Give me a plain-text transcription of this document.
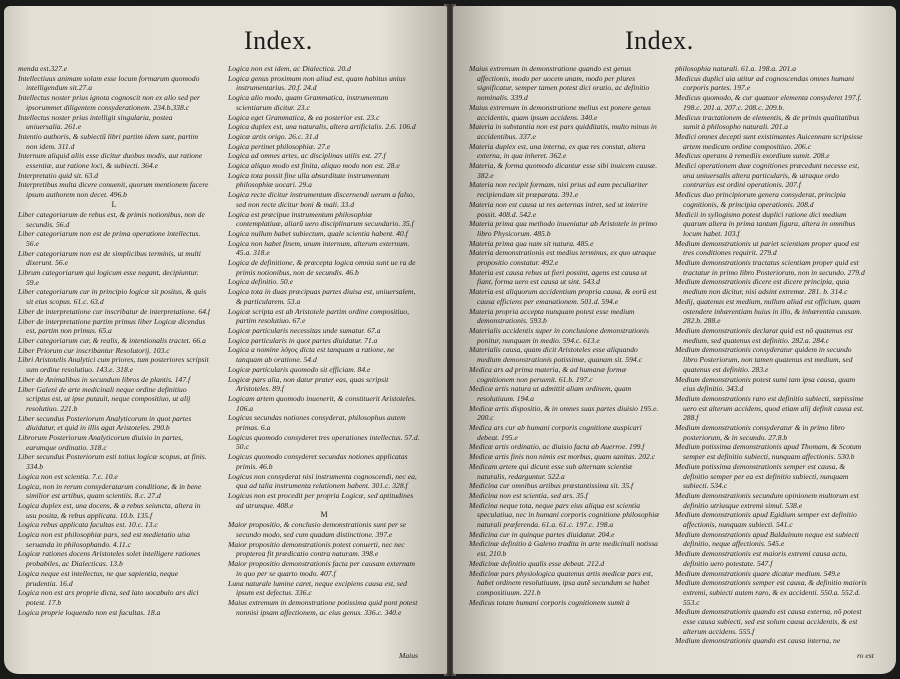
Index.

menda est.327.e

Intellectiuus animam solam esse locum formarum quomodo intelligendum sit.27.a

Intellectus noster prius ignota cognoscit non ex alio sed per ipsorummet diligentem consyderationem. 234.b.338.c

Intellectus noster prius intelligit singularia, postea uniuersalia. 261.e

Intentio authoris, & subiectū libri partim idem sunt, partim non idem. 311.d

Internum aliquid aliis esse dicitur duobus modis, aut ratione essentiæ, aut ratione loci, & subiecti. 364.e

Interpretatio quid sit. 63.d

Interpretibus multa dicere conuenit, quorum mentionem facere ipsum authorem non decet. 496.b

L

Liber categoriarum de rebus est, & primis notionibus, non de secundis. 56.d

Liber categoriarum non est de prima operatione intellectus. 56.e

Liber categoriarum non est de simplicibus terminis, ut multi dixerunt. 56.e

Librum categoriarum qui logicum esse negant, decipiuntur. 59.e

Liber categoriarum cur in principio logicæ sit positus, & quis sit eius scopus. 61.c. 63.d

Liber de interpretatione cur inscribatur de interpretatione. 64.f

Liber de interpretatione partim primus liber Logicæ dicendus est, partim non primus. 65.a

Liber categoriarum cur, & realis, & intentionalis tractet. 66.a

Liber Priorum cur inscribantur Resolutorij. 103.c

Libri Aristotelis Analytici cum priores, tum posteriores scripsit sum ordine resolutiuo. 143.e. 318.e

Liber de Animalibus in secundum libros de plantis. 147.f

Liber Galeni de arte medicinali neque ordine definitiuo scriptus est, ut ipse putauit, neque compositiuo, ut alij resolutiuo. 221.b

Liber secundus Posteriorum Analyticorum in quot partes diuidatur, et quid in illis agat Aristoteles. 290.b

Librorum Posteriorum Analyticorum diuisio in partes, earumque ordinatio. 318.c

Liber secundus Posteriorum esti totius logicæ scopus, at finis. 334.b

Logica non est scientia. 7.c. 10.e

Logica, non in rerum consyderatarum conditione, & in bene similior est artibus, quam scientiis. 8.c. 27.d

Logica duplex est, una docens, & a rebus seiuncta, altera in usu posita, & rebus applicata. 10.b. 135.f

Logica rebus applicata facultas est. 10.c. 13.c

Logica non est philosophiæ pars, sed est medietatio uisa seruanda in philosophando. 4.11.c

Logicæ rationes docens Aristoteles solet intelligere rationes probabiles, ac Dialecticas. 13.b

Logica neque est intellectus, ne que sapientia, neque prudentia. 16.d

Logica non est ars proprie dicta, sed lato uocabulo ars dici potest. 17.b

Logica proprie loquendo non est facultas. 18.a

Logica non est idem, ac Dialectica. 20.d

Logica genus proximum non aliud est, quam habitus unius instrumentarius. 20.f. 24.d

Logica alio modo, quam Grammatica, instrumentum scientiarum dicitur. 23.c

Logica eget Grammatica, & ea posterior est. 23.c

Logica duplex est, una naturalis, altera artificialis. 2.6. 106.d

Logicæ artis origo. 26.c. 31.d

Logica pertinet philosophiæ. 27.e

Logica ad omnes artes, ac disciplinas utilis est. 27.f

Logica aliquo modo est finita, aliquo modo non est. 28.e

Logica tota possit fine ulla absurditate instrumentum philosophiæ uocari. 29.a

Logica recte dicitur instrumentum discernendi uerum a falso, sed non recte dicitur boni & mali. 33.d

Logica est præcipue instrumentum philosophiæ contemplatiuæ, aliarū uero disciplinarum secundario. 35.f

Logica nullum habet subiectum, quale scientia habent. 40.f

Logica non habet finem, unum internum, alterum externum. 45.a. 318.e

Logica de definitione, & præcepta logica omnia sunt ue ra de primis notionibus, non de secundis. 46.b

Logica definitio. 50.e

Logica tota in duas præcipuas partes diuisa est, uniuersalem, & particularem. 53.a

Logicæ scripta est ab Aristotele partim ordine compositiuo, partim resolutiuo. 67.e

Logicæ particularis necessitas unde sumatur. 67.a

Logica particularis in quot partes diuidatur. 71.a

Logica a nomine λόγος dicta est tanquam a ratione, ne tanquam ab oratione. 54.d

Logicæ particularis quomodo sit efficiam. 84.e

Logicæ pars alia, non datur prater eas, quas scripsit Aristoteles. 89.f

Logicam artem quomodo inuenerit, & constituerit Aristoteles. 106.a

Logicus secundas notiones consyderat, philosophus autem primas. 6.a

Logicus quomodo consyderet tres operationes intellectus. 57.d. 50.c

Logicus quomodo consyderet secundas notiones applicatas primis. 46.b

Logicus non consyderat nisi instrumenta cognoscendi, nec ea, qua ad talia instrumenta relationem habent. 301.c. 328.f

Logicus non est procedit per propria Logicæ, sed aptitudines ad utrunque. 408.e

M

Maior propositio, & conclusio demonstrationis sunt per se secundo modo, sed cum quadam distinctione. 397.e

Maior propositio demonstrationis potest conuerti, nec nec propterea fit prædicatio contra naturam. 398.e

Maior propositio demonstrationis facta per causam externam in quo per se quarto modo. 407.f

Luna naturale lumine caret, neque excipiens causa est, sed ipsum est defectus. 336.c

Maius extremum in demonstratione potissima quid pont potest nonnisi ipsam affectionem, ac eius genus. 336.c. 340.e

Maius
Index.

Maius extremum in demonstratione quando est genus affectionis, modo per uocem unam, modo per plures significatur, semper tamen potest dici oratio, ac definitio nominalis. 339.d

Maius extremum in demonstratione melius est ponere genus accidentis, quam ipsum accidens. 340.e

Materia in substantia non est pars quidditatis, multo minus in accidentibus. 337.e

Materia duplex est, una interna, ex qua res constat, altera externa, in qua inheret. 362.e

Materia, & forma quomodo dicantur esse sibi inuicem causæ. 382.e

Materia non recipit formam, nisi prius ad eam peculiariter recipiendam sit præparata. 391.e

Materia non est causa ut res aeternas intret, sed ut interire possit. 408.d. 542.e

Materia prima qua methodo inueniatur ab Aristotele in primo libro Physicorum. 485.b

Materia prima qua nam sit natura. 485.e

Materia demonstrationis est medius terminus, ex quo utraque propositio constatur. 492.e

Materia est causa rebus ut fieri possint, agens est causa ut fiant, forma uero est causa ut sint. 543.d

Materia est aliquorum accidentium propria causa, & eorū est causa efficiens per emanationem. 501.d. 594.e

Materia propria accepta nunquam potest esse medium demonstrationis. 593.b

Materialis accidentis super in conclusione demonstrationis ponitur, nunquam in medio. 594.c. 613.e

Materialis causa, quam dicit Aristoteles esse aliquando medium demonstrationis potissimæ, quanam sit. 594.c

Medica ars ad prima materia, & ad humanæ formæ cognitionem non peruenit. 61.b. 197.c

Medicæ artis natura ut admittit aliam ordinem, quam resolutiuum. 194.a

Medicæ artis dispositio, & in omnes suas partes diuisio 195.e. 200.c

Medica ars cur ab humani corporis cognitione auspicari debeat. 195.e

Medicæ artis ordinatio, ac diuisio facta ab Auerroe. 199.f

Medicæ artis finis non nimis est morbus, quam sanitas. 202.c

Medicam artem qui dicunt esse sub alternam scientiæ naturalis, redarguntur. 522.a

Medicina cur omnibus artibus præstantissima sit. 35.f

Medicina non est scientia, sed ars. 35.f

Medicina neque tota, neque pars eius aliqua est scientia speculatiua, nec in humani corporis cognitione philosophiæ naturali præferenda. 61.a. 61.c. 197.c. 198.a

Medicina cur in quinque partes diuidatur. 204.e

Medicinæ definitio à Galeno tradita in arte medicinali notissa est. 210.b

Medicinæ definitio qualis esse debeat. 212.d

Medicinæ pars physiologica quatenus artis medicæ pars est, habet ordinem resolutiuum, ipsa autē secundum se habet compositiuum. 221.b

Medicus totam humani corporis cognitionem sumit à

philosophia naturali. 61.a. 198.a. 201.a

Medicus duplici uia utitur ad cognoscendas omnes humani corporis partes. 197.e

Medicus quomodo, & cur quatuor elementa consyderet 197.f. 198.c. 201.a. 207.c. 208.c. 209.b.

Medicus tractationem de elementis, & de primis qualitatibus sumit à philosopho naturali. 201.a

Medici omnes decepti sunt existimantes Auicennam scripsisse artem medicam ordine compositiuo. 206.c

Medicus operans à remediis exordium sumit. 208.e

Medici operationem duæ cognitiones præcedunt necesse est, una uniuersalis altera particularis, & utraque ordo contrarius est ordini operationis. 207.f

Medicus duo principiorum genera consyderat, principia cognitionis, & principia operationis. 208.d

Medicii in syllogismo potest duplici ratione dici medium quarum altera in prima tantum figura, altera in omnibus locum habet. 103.f

Medium demonstrationis ut pariet scientiam proper quod est tres conditiones requirit. 279.d

Medium demonstrationis tractatus scientiam proper quid est tractatur in primo libro Posteriorum, non in secundo. 279.d

Medium demonstrationis dicere est dicere principia, quia medium non dicitur, nisi adsint extremæ. 281. b. 314.c

Medij, quatenus est medium, nullum aliud est officium, quam ostendere inhærentiam huius in illo, & inhærentia causam. 282.b. 288.e

Medium demonstrationis declarat quid est nō quatenus est medium, sed quatenus est definitio. 282.a. 284.c

Medium demonstrationis consyderatur quidem in secundo libro Posteriorum, non tamen quatenus est medium, sed quatenus est definitio. 283.e

Medium demonstrationis potest sumi tam ipsa causa, quam eius definitio. 343.d

Medium demonstrationis raro est definitio subiecti, sæpissime uero est alterum accidens, quod etiam alij definit causa est. 288.f

Medium demonstrationis consyderatur & in primo libro posteriorum, & in secundo. 27.8.b

Medium potissima demonstrationis apud Thomam, & Scotum semper est definitio subiecti, nunquam affectionis. 530.b

Medium potissima demonstrationis semper est causa, & definitio semper per ea est definitio subiecti, nunquam subiecti. 534.c

Medium demonstrationis secundum opinionem multorum est definitio utriusque extremi simul. 538.e

Medium demonstrationis apud Egidium semper est definitio affectionis, nunquam subiecti. 541.c

Medium demonstrationis apud Balduinum neque est subiecti definitio, neque affectionis. 545.e

Medium demonstrationis est maioris extremi causa actu, definitio uero potestate. 547.f

Medium demonstrationis quare dicatur medium. 549.e

Medium demonstrationis semper est causa, & definitio maioris extremi, subiecti autem raro, & ex accidenti. 550.a. 552.d. 553.c

Medium demonstrationis quando est causa externa, nō potest esse causa subiecti, sed est solum causa accidentis, & est alterum accidens. 555.f

Medium demonstrationis quando est causa interna, ne

ro est
